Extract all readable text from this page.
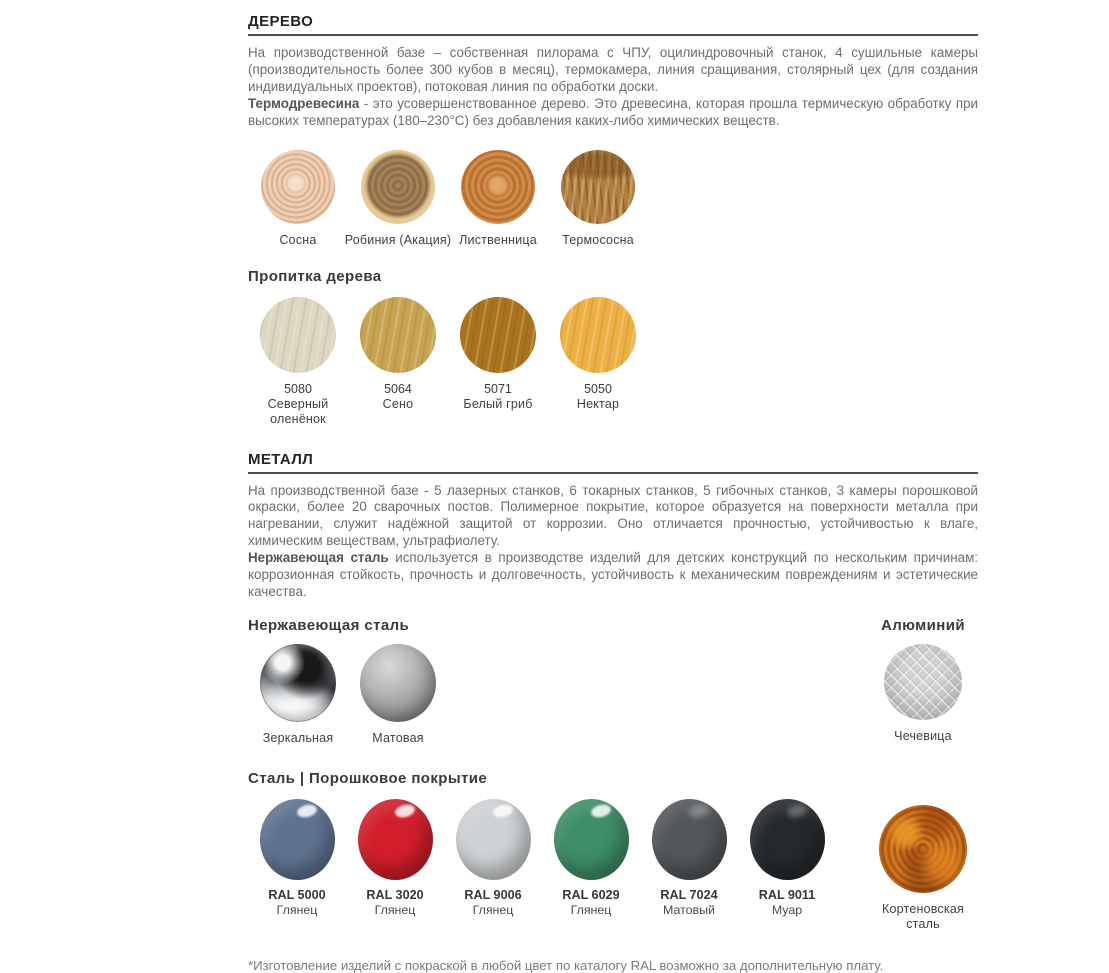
ДЕРЕВО

На производственной базе – собственная пилорама с ЧПУ, оцилиндровочный станок, 4 сушильные камеры (производительность более 300 кубов в месяц), термокамера, линия сращивания, столярный цех (для создания индивидуальных проектов), потоковая линия по обработки доски.

Термодревесина - это усовершенствованное дерево. Это древесина, которая прошла термическую обработку при высоких температурах (180–230°С) без добавления каких-либо химических веществ.

Сосна Робиния (Акация) Лиственница Термососна
Пропитка дерева
5080
Северный оленёнок
5064
Сено
5071
Белый гриб
5050
Нектар
МЕТАЛЛ

На производственной базе - 5 лазерных станков, 6 токарных станков, 5 гибочных станков, 3 камеры порошковой окраски, более 20 сварочных постов. Полимерное покрытие, которое образуется на поверхности металла при нагревании, служит надёжной защитой от коррозии. Оно отличается прочностью, устойчивостью к влаге, химическим веществам, ультрафиолету.

Нержавеющая сталь используется в производстве изделий для детских конструкций по нескольким причинам: коррозионная стойкость, прочность и долговечность, устойчивость к механическим повреждениям и эстетические качества.

Нержавеющая сталь
Зеркальная	Матовая
Алюминий
Чечевица
Сталь | Порошковое покрытие
RAL 5000
Глянец
RAL 3020
Глянец
RAL 9006
Глянец
RAL 6029
Глянец
RAL 7024
Матовый
RAL 9011
Муар	Кортеновская сталь

*Изготовление изделий с покраской в любой цвет по каталогу RAL возможно за дополнительную плату.
